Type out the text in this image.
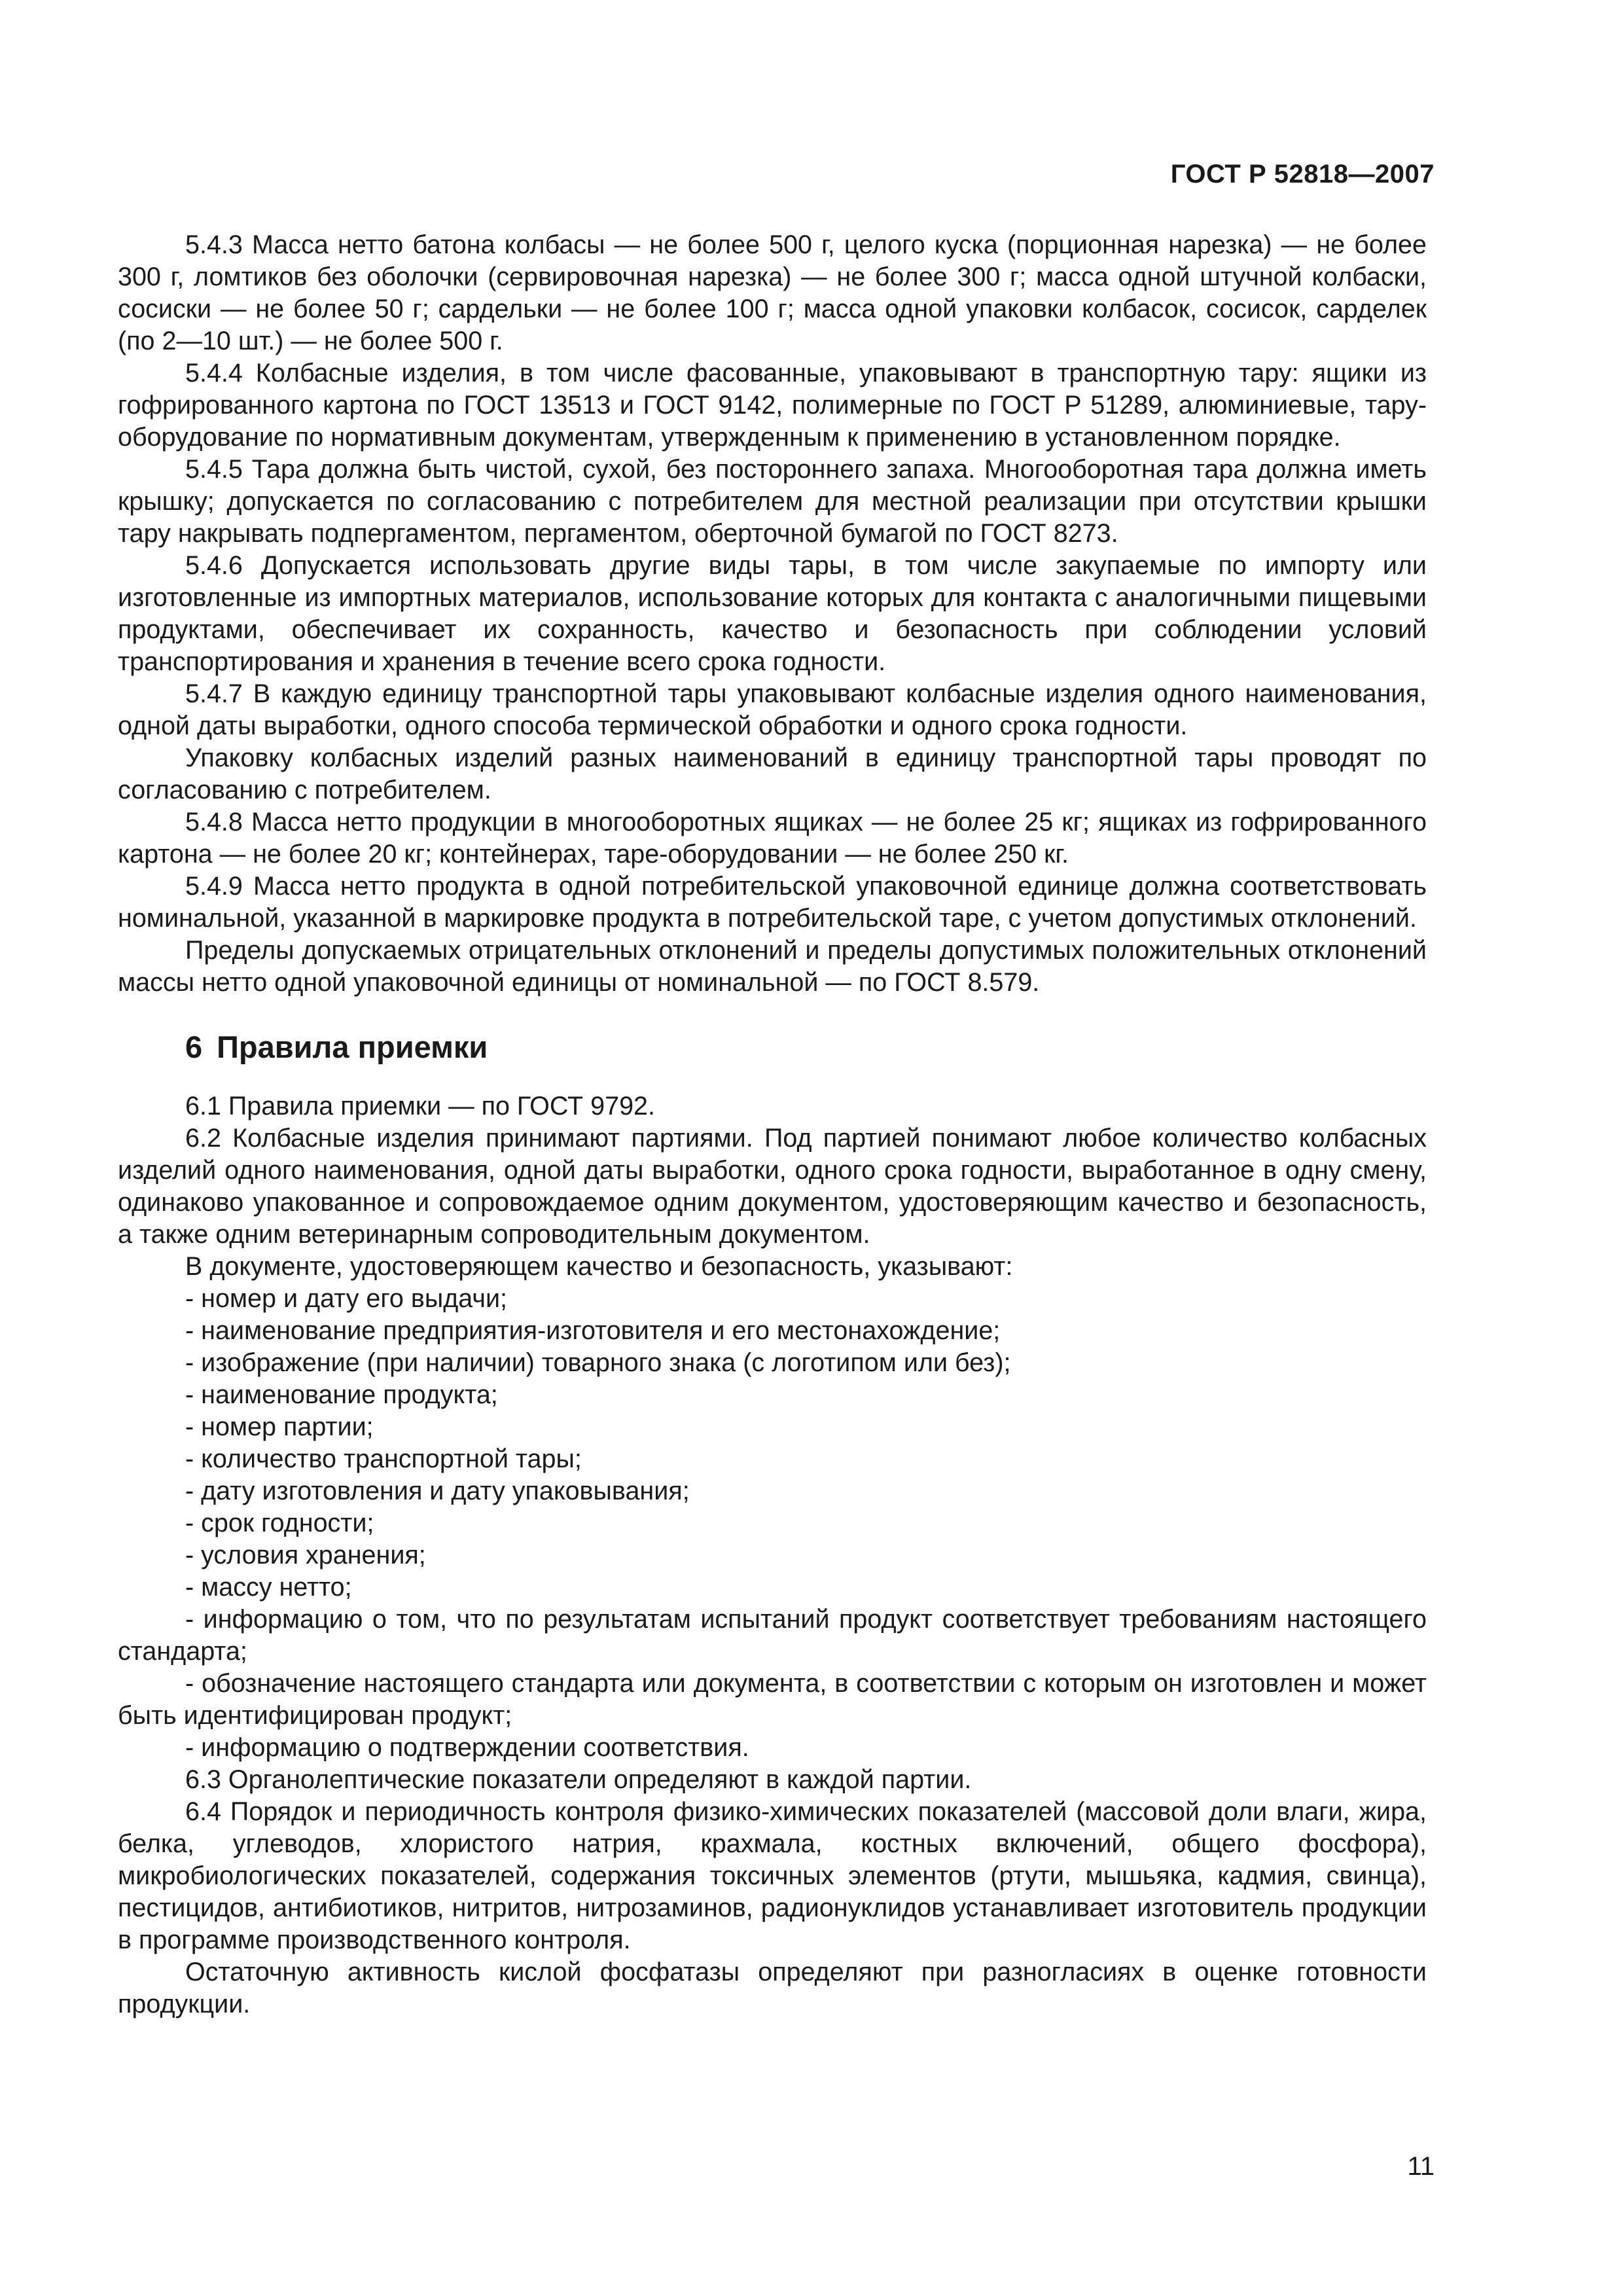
ГОСТ Р 52818—2007

5.4.3 Масса нетто батона колбасы — не более 500 г, целого куска (порционная нарезка) — не более 300 г, ломтиков без оболочки (сервировочная нарезка) — не более 300 г; масса одной штучной колбаски, сосиски — не более 50 г; сардельки — не более 100 г; масса одной упаковки колбасок, сосисок, сарделек (по 2—10 шт.) — не более 500 г.

5.4.4 Колбасные изделия, в том числе фасованные, упаковывают в транспортную тару: ящики из гофрированного картона по ГОСТ 13513 и ГОСТ 9142, полимерные по ГОСТ Р 51289, алюминиевые, тару-оборудование по нормативным документам, утвержденным к применению в установленном порядке.

5.4.5 Тара должна быть чистой, сухой, без постороннего запаха. Многооборотная тара должна иметь крышку; допускается по согласованию с потребителем для местной реализации при отсутствии крышки тару накрывать подпергаментом, пергаментом, оберточной бумагой по ГОСТ 8273.

5.4.6 Допускается использовать другие виды тары, в том числе закупаемые по импорту или изготовленные из импортных материалов, использование которых для контакта с аналогичными пищевыми продуктами, обеспечивает их сохранность, качество и безопасность при соблюдении условий транспортирования и хранения в течение всего срока годности.

5.4.7 В каждую единицу транспортной тары упаковывают колбасные изделия одного наименования, одной даты выработки, одного способа термической обработки и одного срока годности.

Упаковку колбасных изделий разных наименований в единицу транспортной тары проводят по согласованию с потребителем.

5.4.8 Масса нетто продукции в многооборотных ящиках — не более 25 кг; ящиках из гофрированного картона — не более 20 кг; контейнерах, таре-оборудовании — не более 250 кг.

5.4.9 Масса нетто продукта в одной потребительской упаковочной единице должна соответствовать номинальной, указанной в маркировке продукта в потребительской таре, с учетом допустимых отклонений.

Пределы допускаемых отрицательных отклонений и пределы допустимых положительных отклонений массы нетто одной упаковочной единицы от номинальной — по ГОСТ 8.579.

6 Правила приемки

6.1 Правила приемки — по ГОСТ 9792.

6.2 Колбасные изделия принимают партиями. Под партией понимают любое количество колбасных изделий одного наименования, одной даты выработки, одного срока годности, выработанное в одну смену, одинаково упакованное и сопровождаемое одним документом, удостоверяющим качество и безопасность, а также одним ветеринарным сопроводительным документом.

В документе, удостоверяющем качество и безопасность, указывают:

- номер и дату его выдачи;

- наименование предприятия-изготовителя и его местонахождение;

- изображение (при наличии) товарного знака (с логотипом или без);

- наименование продукта;

- номер партии;

- количество транспортной тары;

- дату изготовления и дату упаковывания;

- срок годности;

- условия хранения;

- массу нетто;

- информацию о том, что по результатам испытаний продукт соответствует требованиям настоящего стандарта;

- обозначение настоящего стандарта или документа, в соответствии с которым он изготовлен и может быть идентифицирован продукт;

- информацию о подтверждении соответствия.

6.3 Органолептические показатели определяют в каждой партии.

6.4 Порядок и периодичность контроля физико-химических показателей (массовой доли влаги, жира, белка, углеводов, хлористого натрия, крахмала, костных включений, общего фосфора), микробиологических показателей, содержания токсичных элементов (ртути, мышьяка, кадмия, свинца), пестицидов, антибиотиков, нитритов, нитрозаминов, радионуклидов устанавливает изготовитель продукции в программе производственного контроля.

Остаточную активность кислой фосфатазы определяют при разногласиях в оценке готовности продукции.

11
